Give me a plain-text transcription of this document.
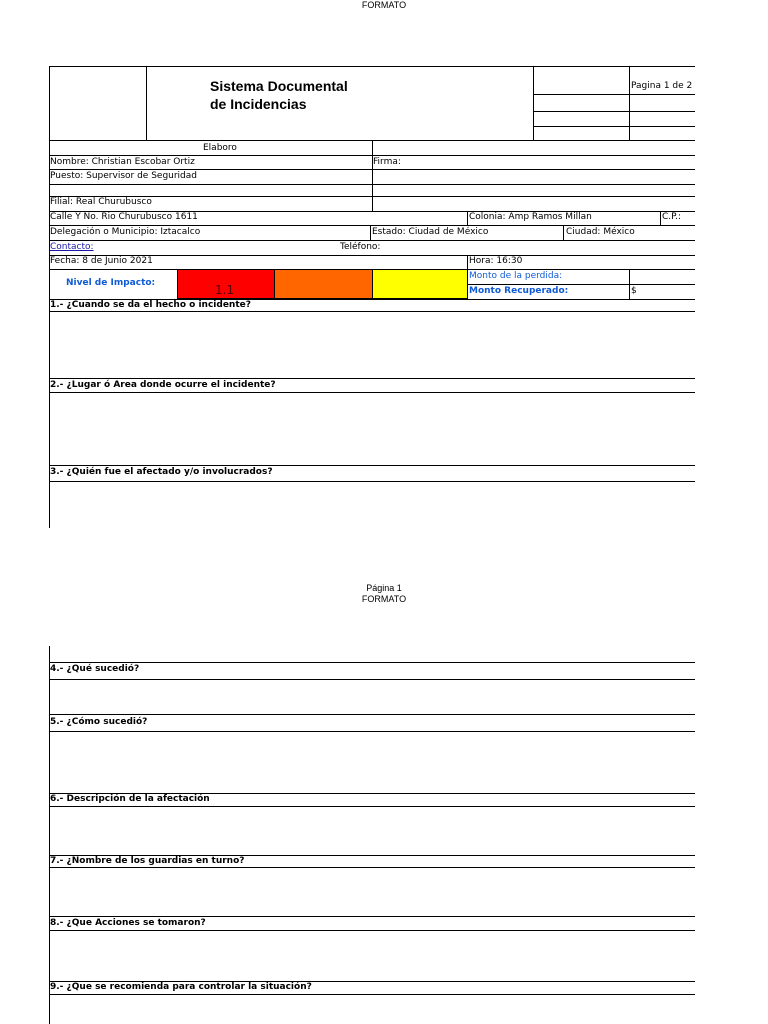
FORMATO
Sistema Documental
de Incidencias
Pagina 1 de 2
Elaboro
Nombre: Christian Escobar Ortiz	Firma:
Puesto: Supervisor de Seguridad
Filial: Real Churubusco
Calle Y No. Rio Churubusco 1611	Colonia: Amp Ramos Millan	C.P.:
Delegación o Municipio: Iztacalco	Estado: Ciudad de México	Ciudad: México
Contacto:	Teléfono:
Fecha: 8 de Junio 2021	Hora: 16:30
Nivel de Impacto:	1.1
Monto de la perdida:
Monto Recuperado:	$
1.- ¿Cuando se da el hecho o incidente?
2.- ¿Lugar ó Area donde ocurre el incidente?
3.- ¿Quién fue el afectado y/o involucrados?
Página 1
FORMATO
4.- ¿Qué sucedió?
5.- ¿Cómo sucedió?
6.- Descripción de la afectación
7.- ¿Nombre de los guardias en turno?
8.- ¿Que Acciones se tomaron?
9.- ¿Que se recomienda para controlar la situación?
